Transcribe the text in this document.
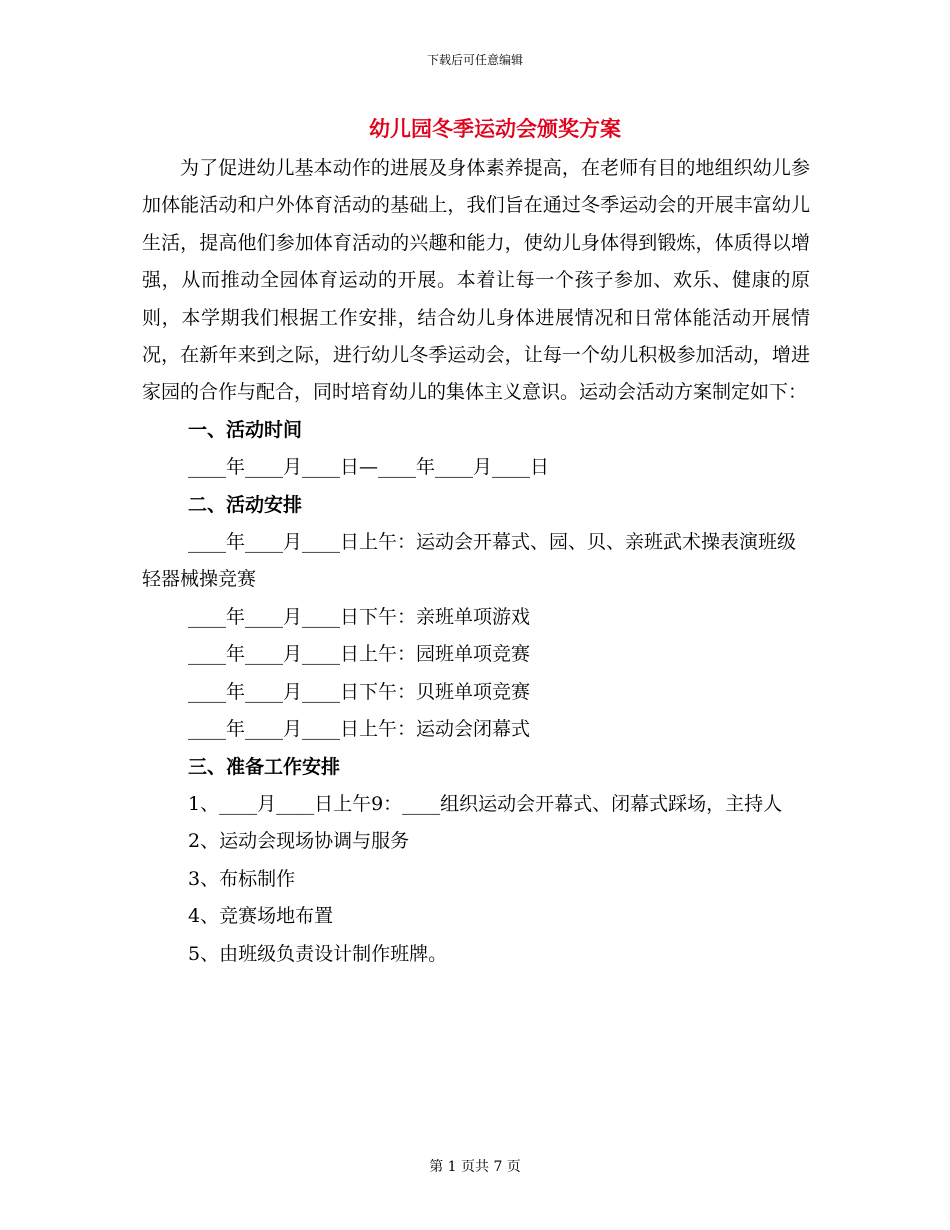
下载后可任意编辑
幼儿园冬季运动会颁奖方案

为了促进幼儿基本动作的进展及身体素养提高，在老师有目的地组织幼儿参加体能活动和户外体育活动的基础上，我们旨在通过冬季运动会的开展丰富幼儿生活，提高他们参加体育活动的兴趣和能力，使幼儿身体得到锻炼，体质得以增强，从而推动全园体育运动的开展。本着让每一个孩子参加、欢乐、健康的原则，本学期我们根据工作安排，结合幼儿身体进展情况和日常体能活动开展情况，在新年来到之际，进行幼儿冬季运动会，让每一个幼儿积极参加活动，增进家园的合作与配合，同时培育幼儿的集体主义意识。运动会活动方案制定如下：

一、活动时间

____年____月____日—____年____月____日

二、活动安排

____年____月____日上午：运动会开幕式、园、贝、亲班武术操表演班级轻器械操竞赛

____年____月____日下午：亲班单项游戏

____年____月____日上午：园班单项竞赛

____年____月____日下午：贝班单项竞赛

____年____月____日上午：运动会闭幕式

三、准备工作安排

1、____月____日上午9：____组织运动会开幕式、闭幕式踩场，主持人

2、运动会现场协调与服务

3、布标制作

4、竞赛场地布置

5、由班级负责设计制作班牌。

第 1 页共 7 页
